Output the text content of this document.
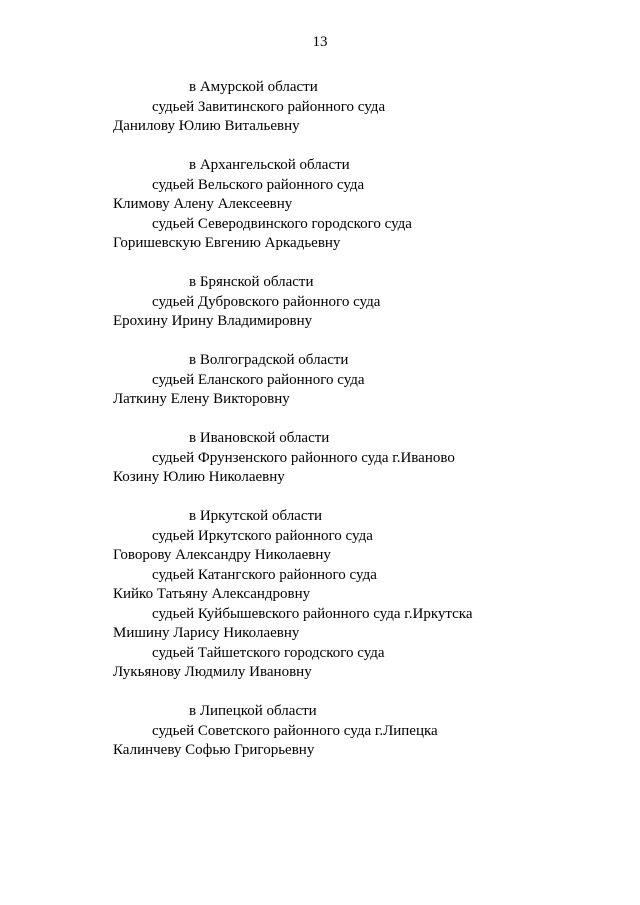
13
в Амурской области
судьей Завитинского районного суда
Данилову Юлию Витальевну
в Архангельской области
судьей Вельского районного суда
Климову Алену Алексеевну
судьей Северодвинского городского суда
Горишевскую Евгению Аркадьевну
в Брянской области
судьей Дубровского районного суда
Ерохину Ирину Владимировну
в Волгоградской области
судьей Еланского районного суда
Латкину Елену Викторовну
в Ивановской области
судьей Фрунзенского районного суда г.Иваново
Козину Юлию Николаевну
в Иркутской области
судьей Иркутского районного суда
Говорову Александру Николаевну
судьей Катангского районного суда
Кийко Татьяну Александровну
судьей Куйбышевского районного суда г.Иркутска
Мишину Ларису Николаевну
судьей Тайшетского городского суда
Лукьянову Людмилу Ивановну
в Липецкой области
судьей Советского районного суда г.Липецка
Калинчеву Софью Григорьевну
